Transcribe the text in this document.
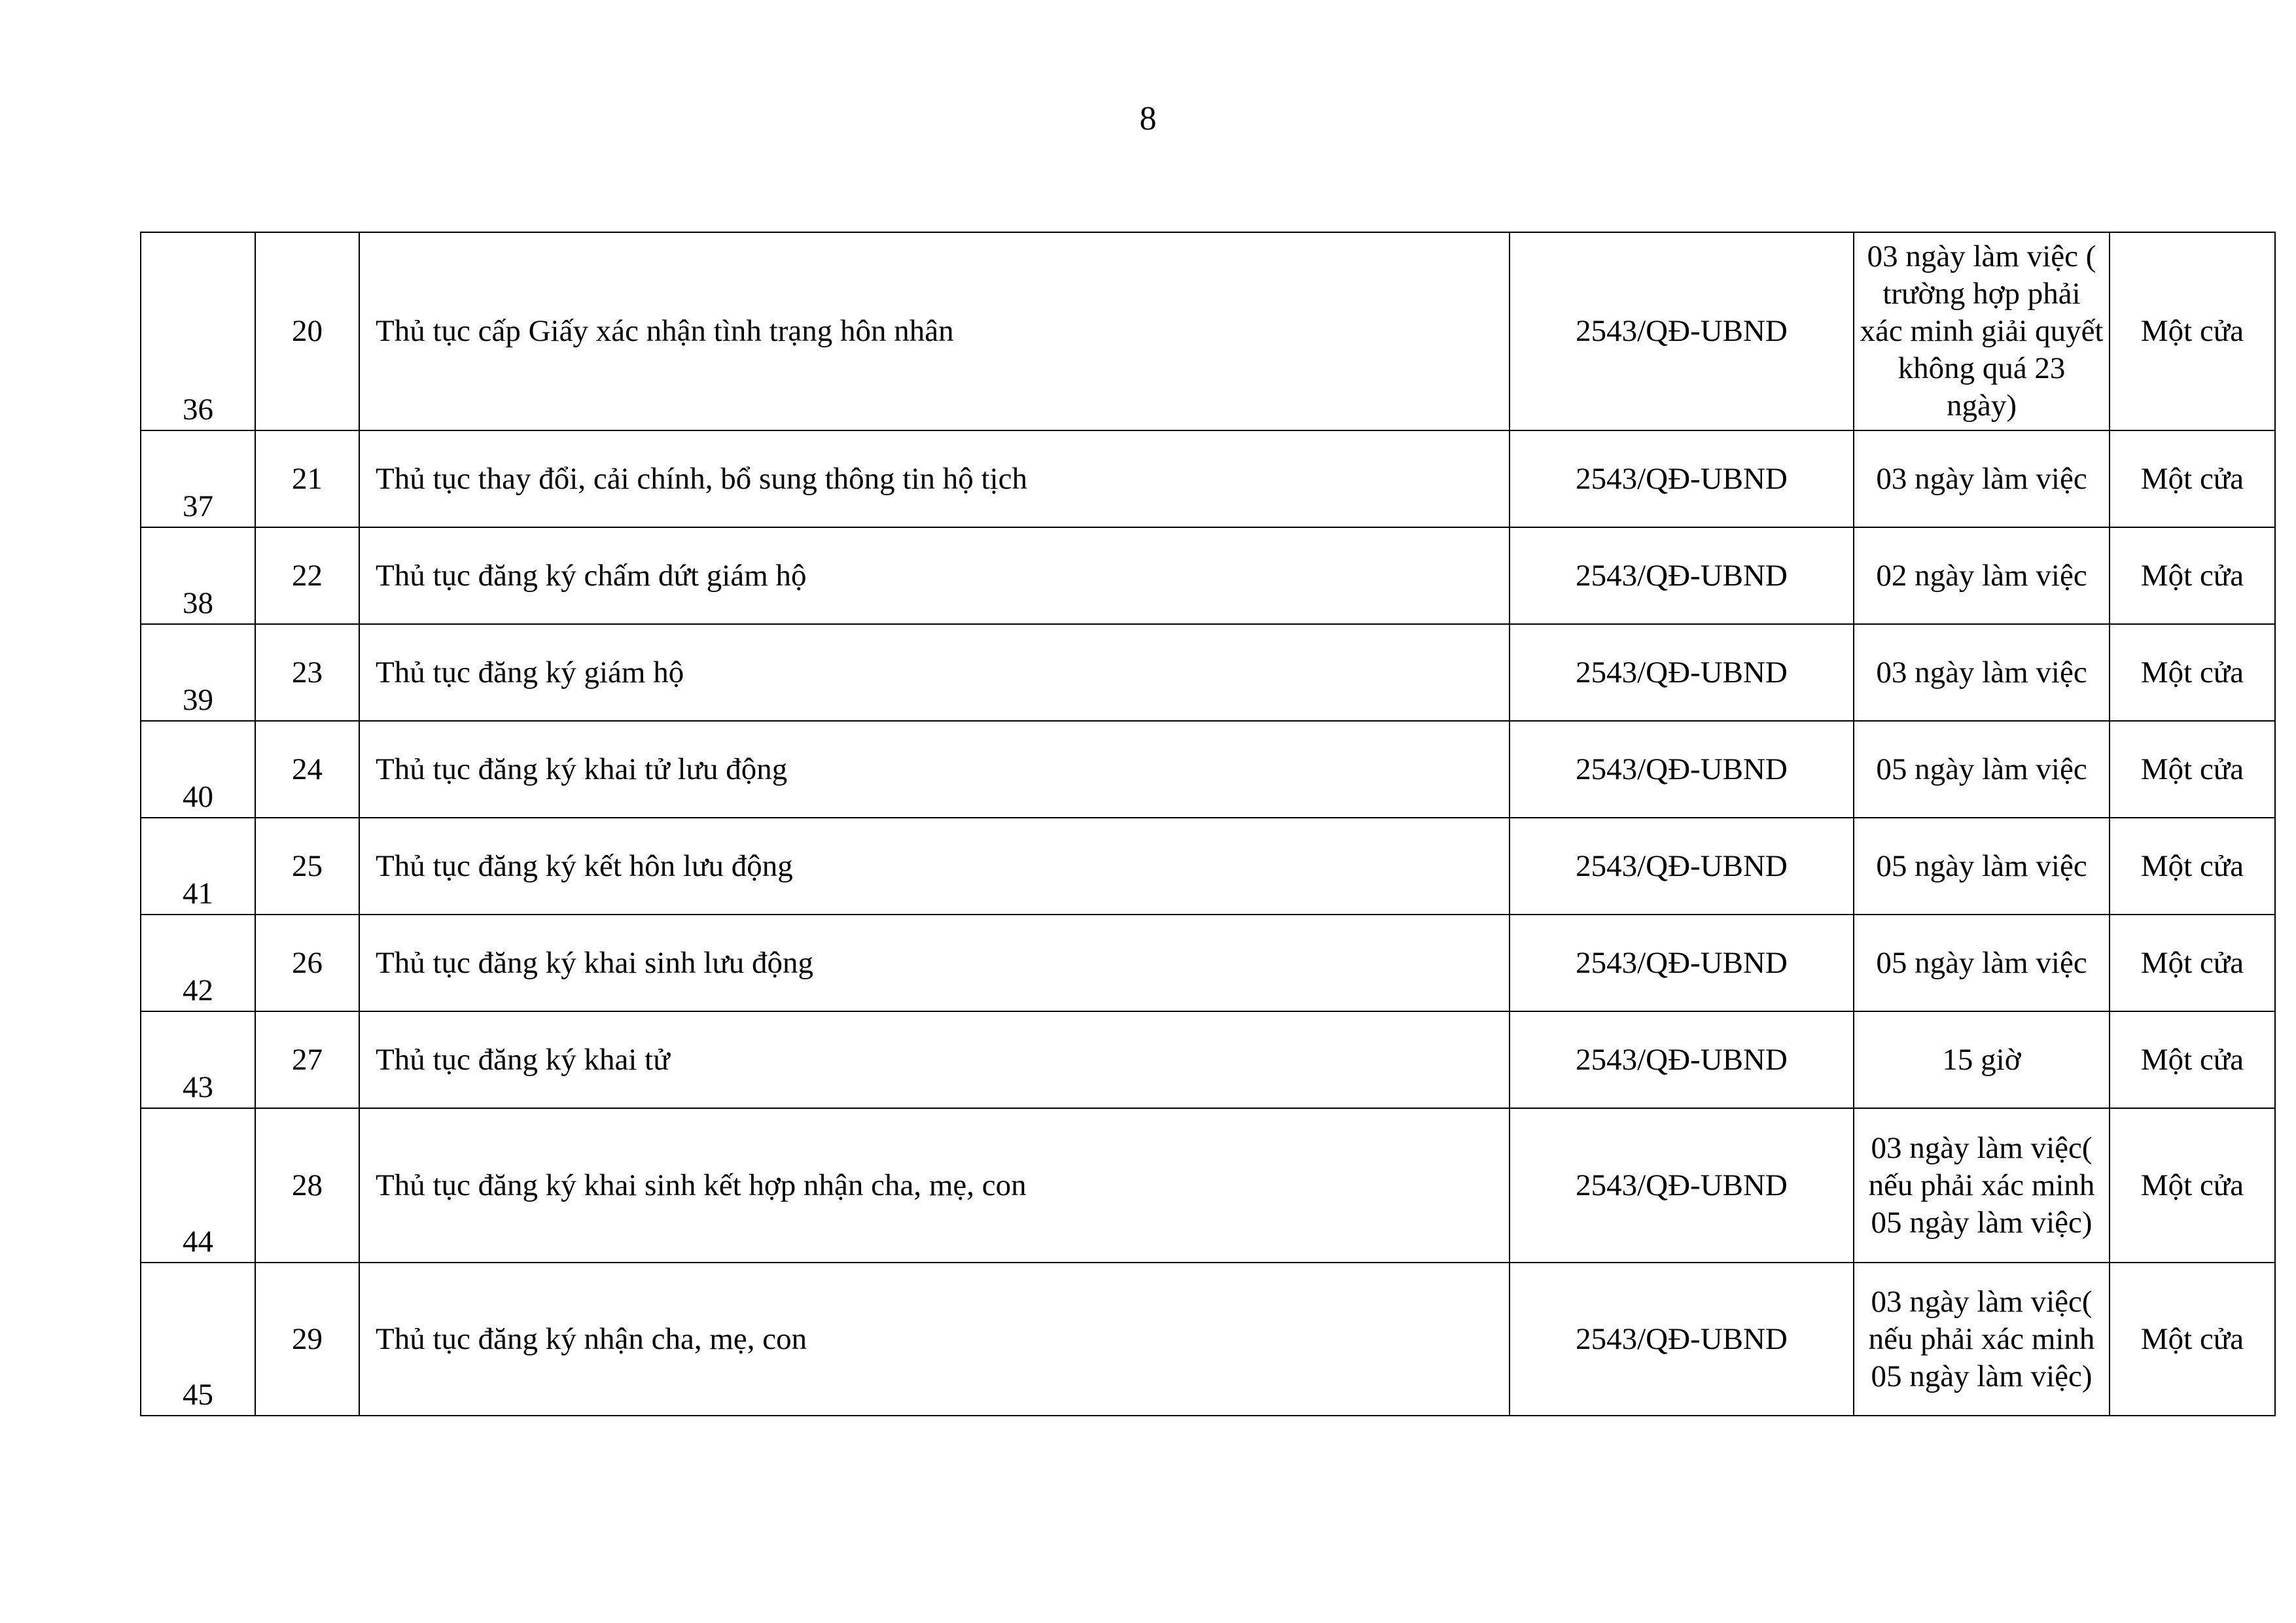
8
36	20	Thủ tục cấp Giấy xác nhận tình trạng hôn nhân	2543/QĐ-UBND	03 ngày làm việc ( trường hợp phải xác minh giải quyết không quá 23 ngày)	Một cửa
37	21	Thủ tục thay đổi, cải chính, bổ sung thông tin hộ tịch	2543/QĐ-UBND	03 ngày làm việc	Một cửa
38	22	Thủ tục đăng ký chấm dứt giám hộ	2543/QĐ-UBND	02 ngày làm việc	Một cửa
39	23	Thủ tục đăng ký giám hộ	2543/QĐ-UBND	03 ngày làm việc	Một cửa
40	24	Thủ tục đăng ký khai tử lưu động	2543/QĐ-UBND	05 ngày làm việc	Một cửa
41	25	Thủ tục đăng ký kết hôn lưu động	2543/QĐ-UBND	05 ngày làm việc	Một cửa
42	26	Thủ tục đăng ký khai sinh lưu động	2543/QĐ-UBND	05 ngày làm việc	Một cửa
43	27	Thủ tục đăng ký khai tử	2543/QĐ-UBND	15 giờ	Một cửa
44	28	Thủ tục đăng ký khai sinh kết hợp nhận cha, mẹ, con	2543/QĐ-UBND	03 ngày làm việc( nếu phải xác minh 05 ngày làm việc)	Một cửa
45	29	Thủ tục đăng ký nhận cha, mẹ, con	2543/QĐ-UBND	03 ngày làm việc( nếu phải xác minh 05 ngày làm việc)	Một cửa
